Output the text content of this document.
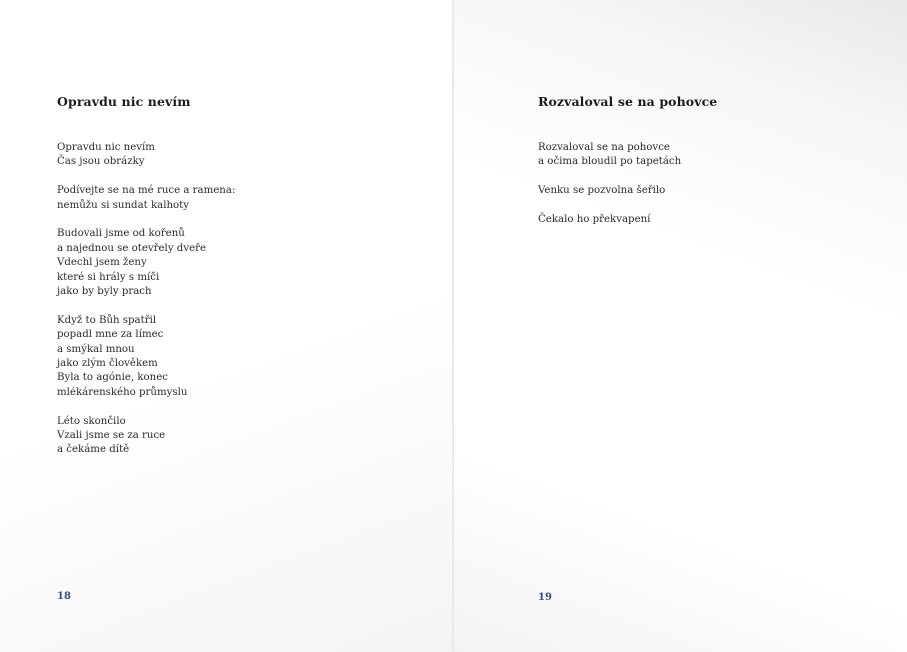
Opravdu nic nevím

Opravdu nic nevím
Čas jsou obrázky

Podívejte se na mé ruce a ramena:
nemůžu si sundat kalhoty

Budovali jsme od kořenů
a najednou se otevřely dveře
Vdechl jsem ženy
které si hrály s míči
jako by byly prach

Když to Bůh spatřil
popadl mne za límec
a smýkal mnou
jako zlým člověkem
Byla to agónie, konec
mlékárenského průmyslu

Léto skončilo
Vzali jsme se za ruce
a čekáme dítě

18
Rozvaloval se na pohovce

Rozvaloval se na pohovce
a očima bloudil po tapetách

Venku se pozvolna šeřilo

Čekalo ho překvapení

19
